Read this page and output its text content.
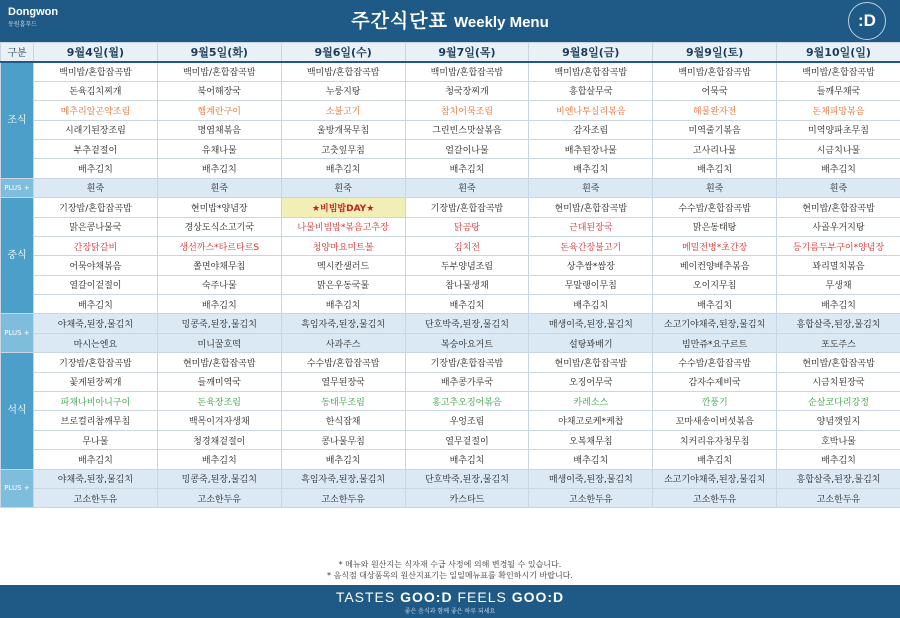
Dongwon
동원홈푸드	주간식단표 Weekly Menu	:D
구분	9월4일(월)	9월5일(화)	9월6일(수)	9월7일(목)	9월8일(금)	9월9일(토)	9월10일(일)
조식	백미밥/혼합잡곡밥	백미밥/혼합잡곡밥	백미밥/혼합잡곡밥	백미밥/혼합잡곡밥	백미밥/혼합잡곡밥	백미밥/혼합잡곡밥	백미밥/혼합잡곡밥
	돈육김치찌개	북어해장국	누룽지탕	청국장찌개	흥합살무국	어묵국	들깨무채국
	메추리알곤약조림	햄계란구이	소불고기	참치어묵조림	비엔나투실리볶음	해물완자전	돈채피망볶음
	시래기된장조림	명엽채볶음	울방개묵무침	그린빈스맛살볶음	감자조림	미역줄기볶음	미역양파초무침
	부추겉절이	유채나물	고춧잎무침	얼갈이나물	배추된장나물	고사리나물	시금치나물
	배추김치	배추김치	배추김치	배추김치	배추김치	배추김치	배추김치
PLUS +	흰죽	흰죽	흰죽	흰죽	흰죽	흰죽	흰죽
중식	기장밥/혼합잡곡밥	현미밥*양념장	★비빔밥DAY★	기장밥/혼합잡곡밥	현미밥/혼합잡곡밥	수수밥/혼합잡곡밥	현미밥/혼합잡곡밥
	맑은콩나물국	경상도식소고기국	나물비빔밥*볶음고추장	닭곰탕	근대된장국	맑은동태탕	사골우거지탕
	간장닭갈비	생선까스*타르타르S	청양마요미트볼	김치전	돈육간장불고기	메밀전병*초간장	등기름두부구이*양념장
	어묵야채볶음	쫄면야채무침	멕시칸샐러드	두부양념조림	상추쌈*쌈장	베이컨양배추볶음	꽈리멸치볶음
	열갈이겉절이	숙주나물	맑은우동국물	참나물생채	무말랭이무침	오이지무침	무생채
	배추김치	배추김치	배추김치	배추김치	배추김치	배추김치	배추김치
PLUS +	야채죽,된장,물김치	밍콩죽,된장,물김치	흑임자죽,된장,물김치	단호박죽,된장,물김치	매생이죽,된장,물김치	소고기야채죽,된장,물김치	흥합살죽,된장,물김치
	마시는엔요	미니꿀호떡	사과주스	복숭아요거트	설탕꽈배기	빔만쥬*요구르트	포도주스
석식	기장밥/혼합잡곡밥	현미밥/혼합잡곡밥	수수밥/혼합잡곡밥	기장밥/혼합잡곡밥	현미밥/혼합잡곡밥	수수밥/혼합잡곡밥	현미밥/혼합잡곡밥
	꽃게된장찌개	들깨미역국	열무된장국	배추콩가루국	오징어무국	감자수제비국	시금치된장국
	파채나비아니구이	돈육장조림	동태무조림	홍고추오징어볶음	카레소스	깐풍기	순살코다리강정
	브로컬리참깨무침	백목이겨자생채	한식잡채	우엉조림	야채고로케*케찹	꼬마새송이버섯볶음	양념깻잎지
	무나물	청경채겉절이	콩나물무침	열무겉절이	오복채무침	치커리유자청무침	호박나물
	배추김치	배추김치	배추김치	배추김치	배추김치	배추김치	배추김치
PLUS +	야채죽,된장,물김치	밍콩죽,된장,물김치	흑임자죽,된장,물김치	단호박죽,된장,물김치	매생이죽,된장,물김치	소고기야채죽,된장,물김치	흥합살죽,된장,물김치
	고소한두유	고소한두유	고소한두유	카스타드	고소한두유	고소한두유	고소한두유
* 메뉴와 원산지는 식자재 수급 사정에 의해 변경될 수 있습니다.
* 음식점 대상품목의 원산지표기는 일일메뉴표를 확인하시기 바랍니다.
TASTES GOO:D FEELS GOO:D
좋은 음식과 함께 좋은 하루 되세요
